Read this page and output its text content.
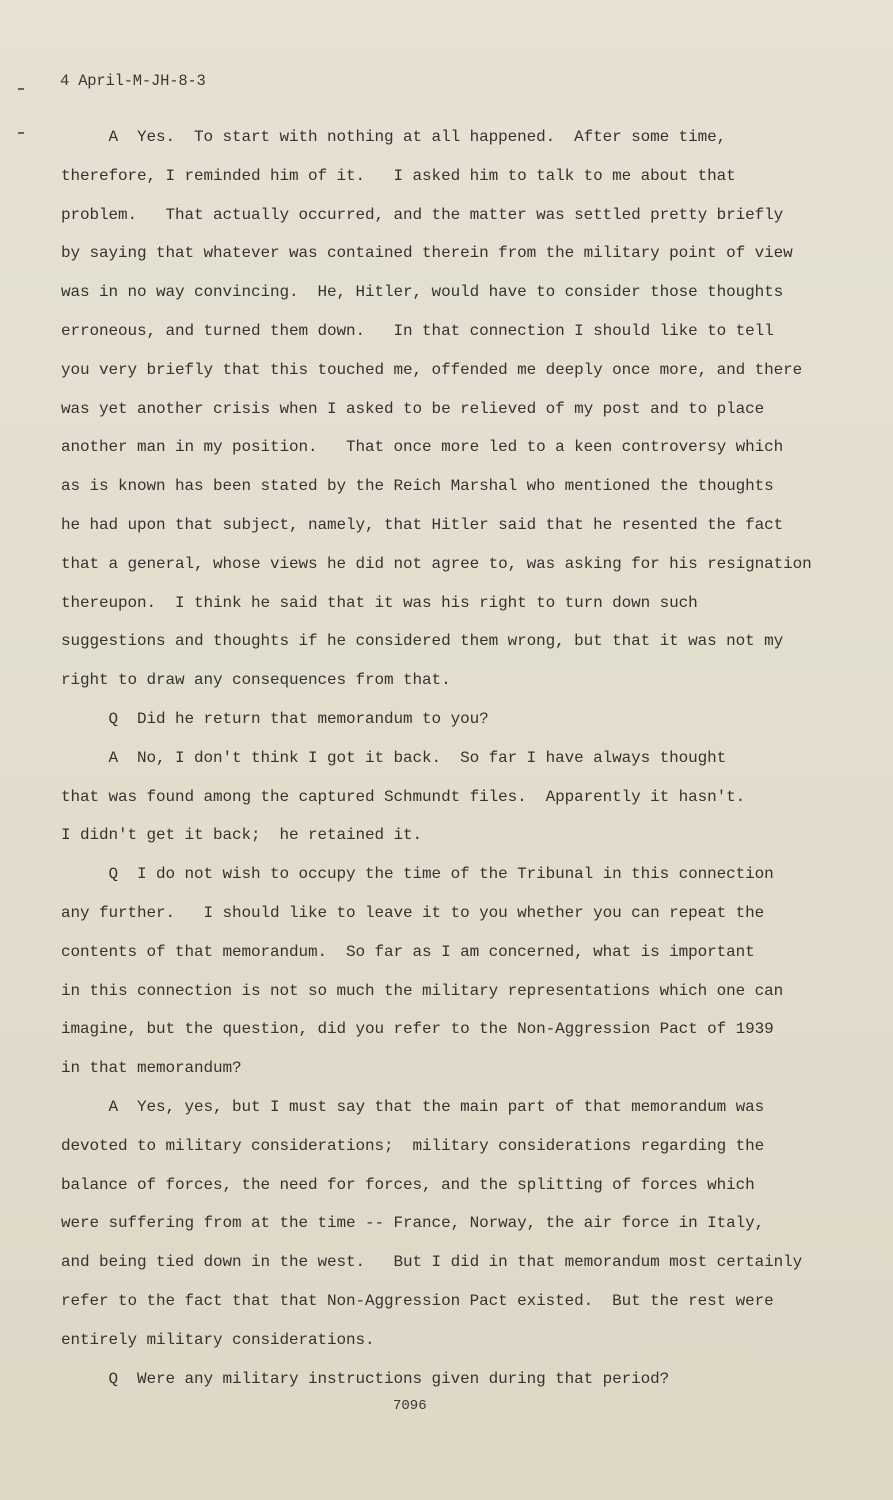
4 April-M-JH-8-3
A  Yes.  To start with nothing at all happened.  After some time,
therefore, I reminded him of it.   I asked him to talk to me about that
problem.   That actually occurred, and the matter was settled pretty briefly
by saying that whatever was contained therein from the military point of view
was in no way convincing.  He, Hitler, would have to consider those thoughts
erroneous, and turned them down.   In that connection I should like to tell
you very briefly that this touched me, offended me deeply once more, and there
was yet another crisis when I asked to be relieved of my post and to place
another man in my position.   That once more led to a keen controversy which
as is known has been stated by the Reich Marshal who mentioned the thoughts
he had upon that subject, namely, that Hitler said that he resented the fact
that a general, whose views he did not agree to, was asking for his resignation
thereupon.  I think he said that it was his right to turn down such
suggestions and thoughts if he considered them wrong, but that it was not my
right to draw any consequences from that.
Q  Did he return that memorandum to you?
A  No, I don't think I got it back.  So far I have always thought
that was found among the captured Schmundt files.  Apparently it hasn't.
I didn't get it back;  he retained it.
Q  I do not wish to occupy the time of the Tribunal in this connection
any further.   I should like to leave it to you whether you can repeat the
contents of that memorandum.  So far as I am concerned, what is important
in this connection is not so much the military representations which one can
imagine, but the question, did you refer to the Non-Aggression Pact of 1939
in that memorandum?
A  Yes, yes, but I must say that the main part of that memorandum was
devoted to military considerations;  military considerations regarding the
balance of forces, the need for forces, and the splitting of forces which
were suffering from at the time -- France, Norway, the air force in Italy,
and being tied down in the west.   But I did in that memorandum most certainly
refer to the fact that that Non-Aggression Pact existed.  But the rest were
entirely military considerations.
Q  Were any military instructions given during that period?
7096
